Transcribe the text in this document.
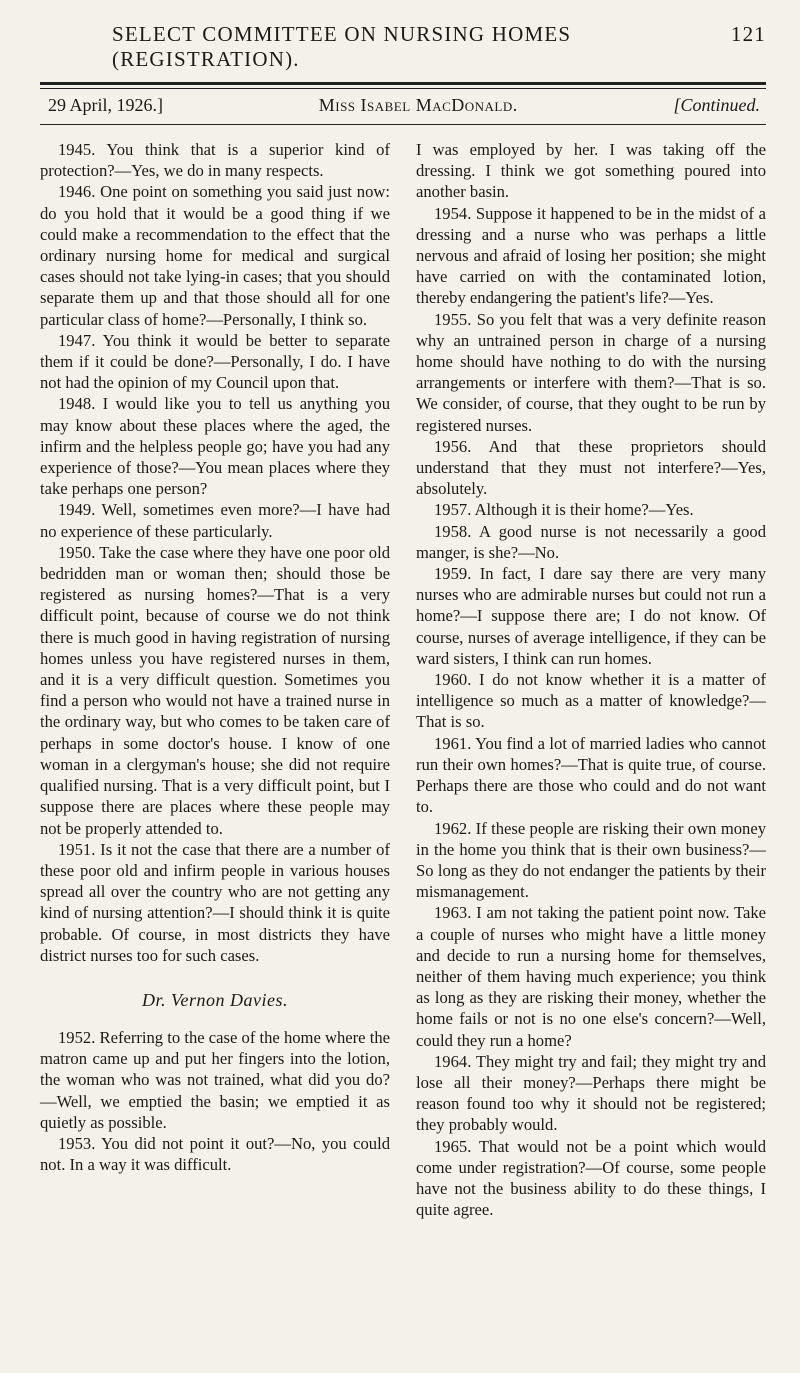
SELECT COMMITTEE ON NURSING HOMES (REGISTRATION).
121
29 April, 1926.]	Miss Isabel MacDonald.	[Continued.

1945. You think that is a superior kind of protection?—Yes, we do in many respects.

1946. One point on something you said just now: do you hold that it would be a good thing if we could make a recommendation to the effect that the ordinary nursing home for medical and surgical cases should not take lying-in cases; that you should separate them up and that those should all for one particular class of home?—Personally, I think so.

1947. You think it would be better to separate them if it could be done?—Personally, I do. I have not had the opinion of my Council upon that.

1948. I would like you to tell us anything you may know about these places where the aged, the infirm and the helpless people go; have you had any experience of those?—You mean places where they take perhaps one person?

1949. Well, sometimes even more?—I have had no experience of these particularly.

1950. Take the case where they have one poor old bedridden man or woman then; should those be registered as nursing homes?—That is a very difficult point, because of course we do not think there is much good in having registration of nursing homes unless you have registered nurses in them, and it is a very difficult question. Sometimes you find a person who would not have a trained nurse in the ordinary way, but who comes to be taken care of perhaps in some doctor's house. I know of one woman in a clergyman's house; she did not require qualified nursing. That is a very difficult point, but I suppose there are places where these people may not be properly attended to.

1951. Is it not the case that there are a number of these poor old and infirm people in various houses spread all over the country who are not getting any kind of nursing attention?—I should think it is quite probable. Of course, in most districts they have district nurses too for such cases.

Dr. Vernon Davies.

1952. Referring to the case of the home where the matron came up and put her fingers into the lotion, the woman who was not trained, what did you do?—Well, we emptied the basin; we emptied it as quietly as possible.

1953. You did not point it out?—No, you could not. In a way it was difficult.

I was employed by her. I was taking off the dressing. I think we got something poured into another basin.

1954. Suppose it happened to be in the midst of a dressing and a nurse who was perhaps a little nervous and afraid of losing her position; she might have carried on with the contaminated lotion, thereby endangering the patient's life?—Yes.

1955. So you felt that was a very definite reason why an untrained person in charge of a nursing home should have nothing to do with the nursing arrangements or interfere with them?—That is so. We consider, of course, that they ought to be run by registered nurses.

1956. And that these proprietors should understand that they must not interfere?—Yes, absolutely.

1957. Although it is their home?—Yes.

1958. A good nurse is not necessarily a good manger, is she?—No.

1959. In fact, I dare say there are very many nurses who are admirable nurses but could not run a home?—I suppose there are; I do not know. Of course, nurses of average intelligence, if they can be ward sisters, I think can run homes.

1960. I do not know whether it is a matter of intelligence so much as a matter of knowledge?—That is so.

1961. You find a lot of married ladies who cannot run their own homes?—That is quite true, of course. Perhaps there are those who could and do not want to.

1962. If these people are risking their own money in the home you think that is their own business?—So long as they do not endanger the patients by their mismanagement.

1963. I am not taking the patient point now. Take a couple of nurses who might have a little money and decide to run a nursing home for themselves, neither of them having much experience; you think as long as they are risking their money, whether the home fails or not is no one else's concern?—Well, could they run a home?

1964. They might try and fail; they might try and lose all their money?—Perhaps there might be reason found too why it should not be registered; they probably would.

1965. That would not be a point which would come under registration?—Of course, some people have not the business ability to do these things, I quite agree.
